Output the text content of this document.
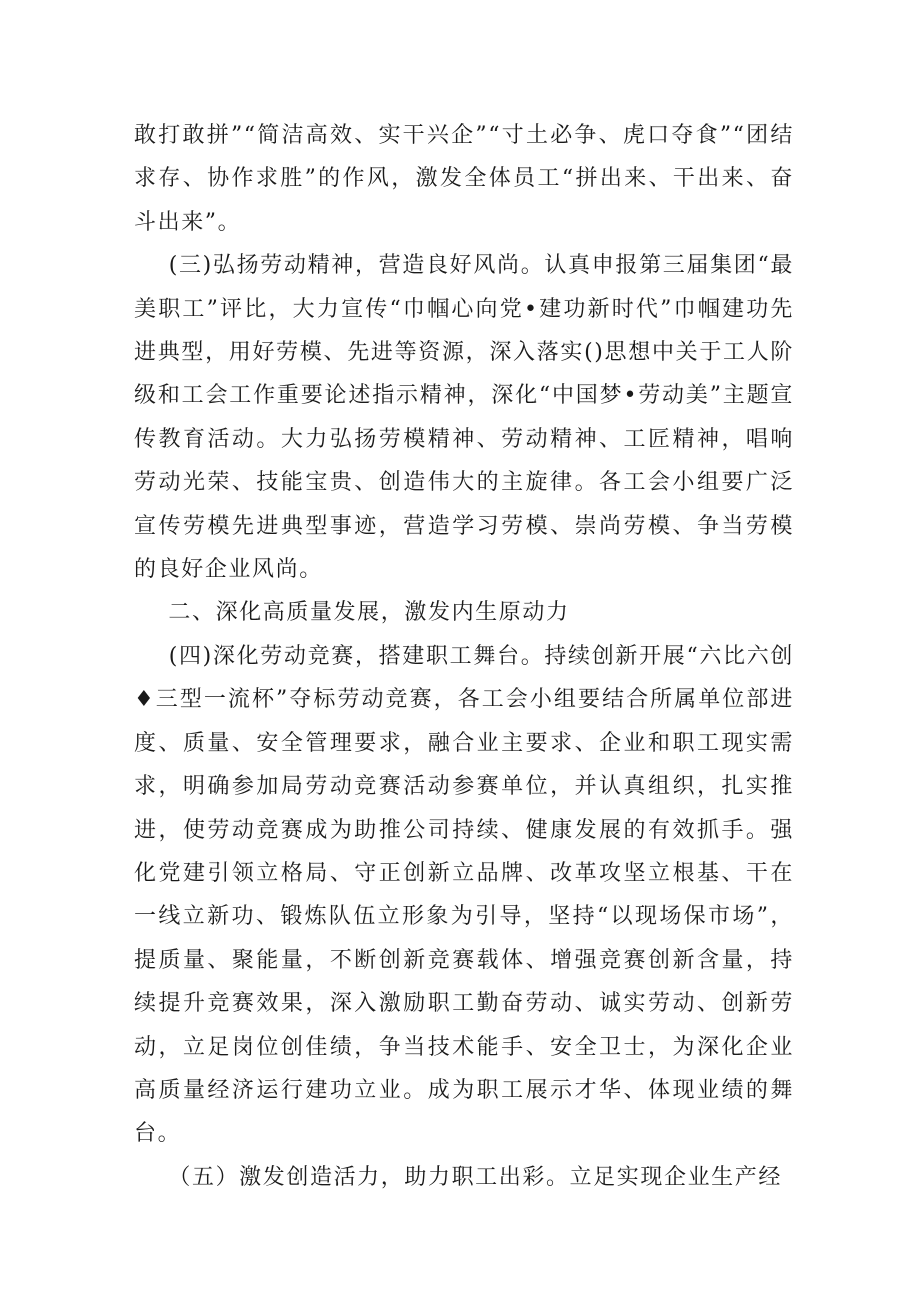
敢打敢拼”“简洁高效、实干兴企”“寸土必争、虎口夺食”“团结求存、协作求胜”的作风，激发全体员工“拼出来、干出来、奋斗出来”。

(三)弘扬劳动精神，营造良好风尚。认真申报第三届集团“最美职工”评比，大力宣传“巾帼心向党•建功新时代”巾帼建功先进典型，用好劳模、先进等资源，深入落实()思想中关于工人阶级和工会工作重要论述指示精神，深化“中国梦•劳动美”主题宣传教育活动。大力弘扬劳模精神、劳动精神、工匠精神，唱响劳动光荣、技能宝贵、创造伟大的主旋律。各工会小组要广泛宣传劳模先进典型事迹，营造学习劳模、崇尚劳模、争当劳模的良好企业风尚。

二、深化高质量发展，激发内生原动力

(四)深化劳动竞赛，搭建职工舞台。持续创新开展“六比六创♦三型一流杯”夺标劳动竞赛，各工会小组要结合所属单位部进度、质量、安全管理要求，融合业主要求、企业和职工现实需求，明确参加局劳动竞赛活动参赛单位，并认真组织，扎实推进，使劳动竞赛成为助推公司持续、健康发展的有效抓手。强化党建引领立格局、守正创新立品牌、改革攻坚立根基、干在一线立新功、锻炼队伍立形象为引导，坚持“以现场保市场”，提质量、聚能量，不断创新竞赛载体、增强竞赛创新含量，持续提升竞赛效果，深入激励职工勤奋劳动、诚实劳动、创新劳动，立足岗位创佳绩，争当技术能手、安全卫士，为深化企业高质量经济运行建功立业。成为职工展示才华、体现业绩的舞台。

（五）激发创造活力，助力职工出彩。立足实现企业生产经
